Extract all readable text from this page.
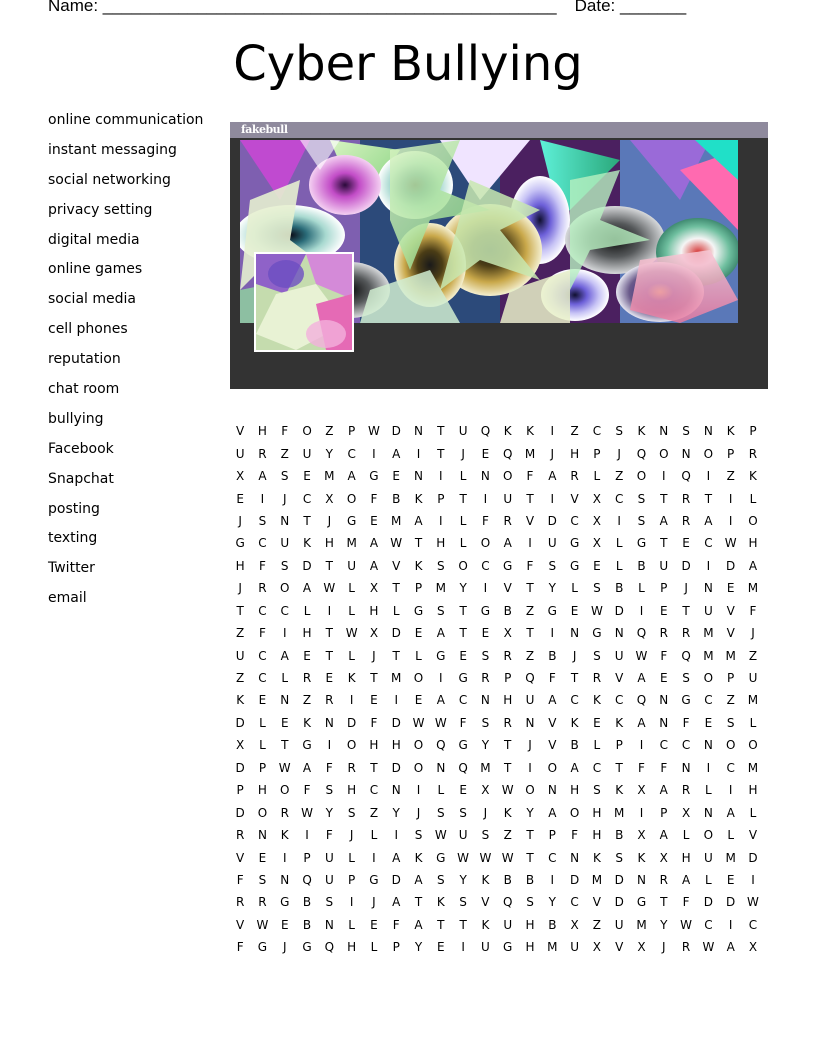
Name: ________________________________________________ Date: _______
Cyber Bullying
online communication
instant messaging
social networking
privacy setting
digital media
online games
social media
cell phones
reputation
chat room
bullying
Facebook
Snapchat
posting
texting
Twitter
email
fakebull
V	H	F	O	Z	P	W	D	N	T	U	Q	K	K	I	Z	C	S	K	N	S	N	K	P
U	R	Z	U	Y	C	I	A	I	T	J	E	Q	M	J	H	P	J	Q	O	N	O	P	R
X	A	S	E	M	A	G	E	N	I	L	N	O	F	A	R	L	Z	O	I	Q	I	Z	K
E	I	J	C	X	O	F	B	K	P	T	I	U	T	I	V	X	C	S	T	R	T	I	L
J	S	N	T	J	G	E	M	A	I	L	F	R	V	D	C	X	I	S	A	R	A	I	O
G	C	U	K	H	M	A	W	T	H	L	O	A	I	U	G	X	L	G	T	E	C	W	H
H	F	S	D	T	U	A	V	K	S	O	C	G	F	S	G	E	L	B	U	D	I	D	A
J	R	O	A	W	L	X	T	P	M	Y	I	V	T	Y	L	S	B	L	P	J	N	E	M
T	C	C	L	I	L	H	L	G	S	T	G	B	Z	G	E	W	D	I	E	T	U	V	F
Z	F	I	H	T	W	X	D	E	A	T	E	X	T	I	N	G	N	Q	R	R	M	V	J
U	C	A	E	T	L	J	T	L	G	E	S	R	Z	B	J	S	U	W	F	Q	M	M	Z
Z	C	L	R	E	K	T	M	O	I	G	R	P	Q	F	T	R	V	A	E	S	O	P	U
K	E	N	Z	R	I	E	I	E	A	C	N	H	U	A	C	K	C	Q	N	G	C	Z	M
D	L	E	K	N	D	F	D	W	W	F	S	R	N	V	K	E	K	A	N	F	E	S	L
X	L	T	G	I	O	H	H	O	Q	G	Y	T	J	V	B	L	P	I	C	C	N	O	O
D	P	W	A	F	R	T	D	O	N	Q	M	T	I	O	A	C	T	F	F	N	I	C	M
P	H	O	F	S	H	C	N	I	L	E	X	W	O	N	H	S	K	X	A	R	L	I	H
D	O	R	W	Y	S	Z	Y	J	S	S	J	K	Y	A	O	H	M	I	P	X	N	A	L
R	N	K	I	F	J	L	I	S	W	U	S	Z	T	P	F	H	B	X	A	L	O	L	V
V	E	I	P	U	L	I	A	K	G	W	W	W	T	C	N	K	S	K	X	H	U	M	D
F	S	N	Q	U	P	G	D	A	S	Y	K	B	B	I	D	M	D	N	R	A	L	E	I
R	R	G	B	S	I	J	A	T	K	S	V	Q	S	Y	C	V	D	G	T	F	D	D	W
V	W	E	B	N	L	E	F	A	T	T	K	U	H	B	X	Z	U	M	Y	W	C	I	C
F	G	J	G	Q	H	L	P	Y	E	I	U	G	H	M	U	X	V	X	J	R	W	A	X
